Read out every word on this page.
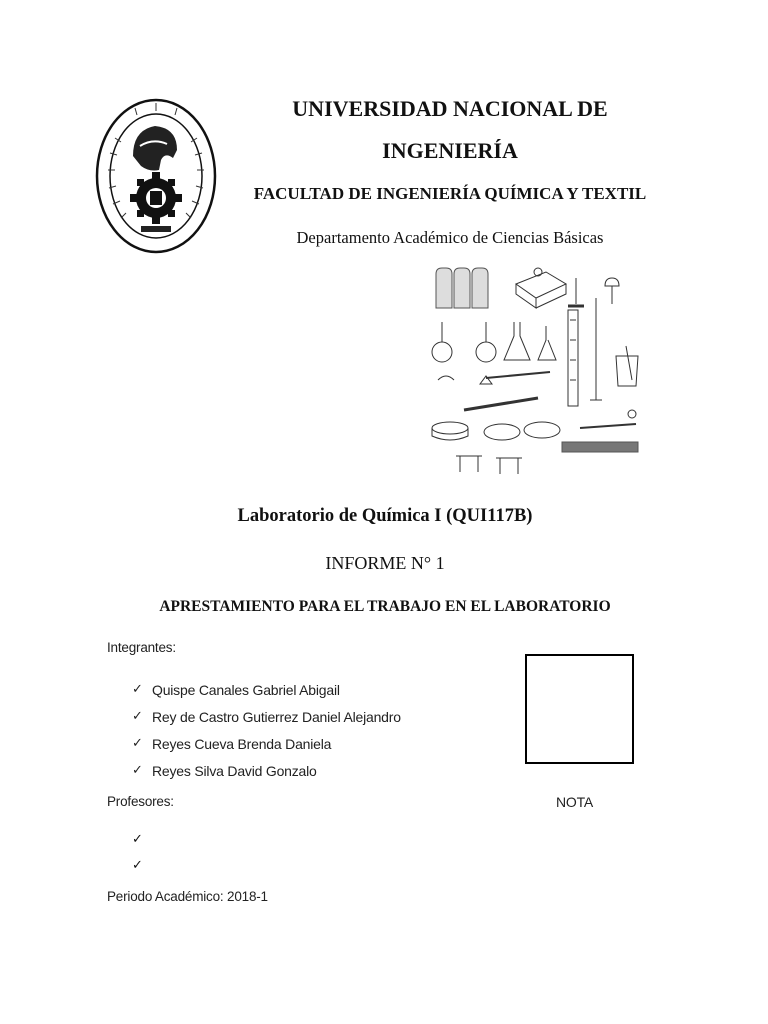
UNIVERSIDAD NACIONAL DE
INGENIERÍA
FACULTAD DE INGENIERÍA QUÍMICA Y TEXTIL
Departamento Académico de Ciencias Básicas
Laboratorio de Química I (QUI117B)
INFORME N° 1
APRESTAMIENTO PARA EL TRABAJO EN EL LABORATORIO
Integrantes:
✓ Quispe Canales Gabriel Abigail
✓ Rey de Castro Gutierrez Daniel Alejandro
✓ Reyes Cueva Brenda Daniela
✓ Reyes Silva David Gonzalo
NOTA
Profesores:
✓
✓
Periodo Académico: 2018-1
